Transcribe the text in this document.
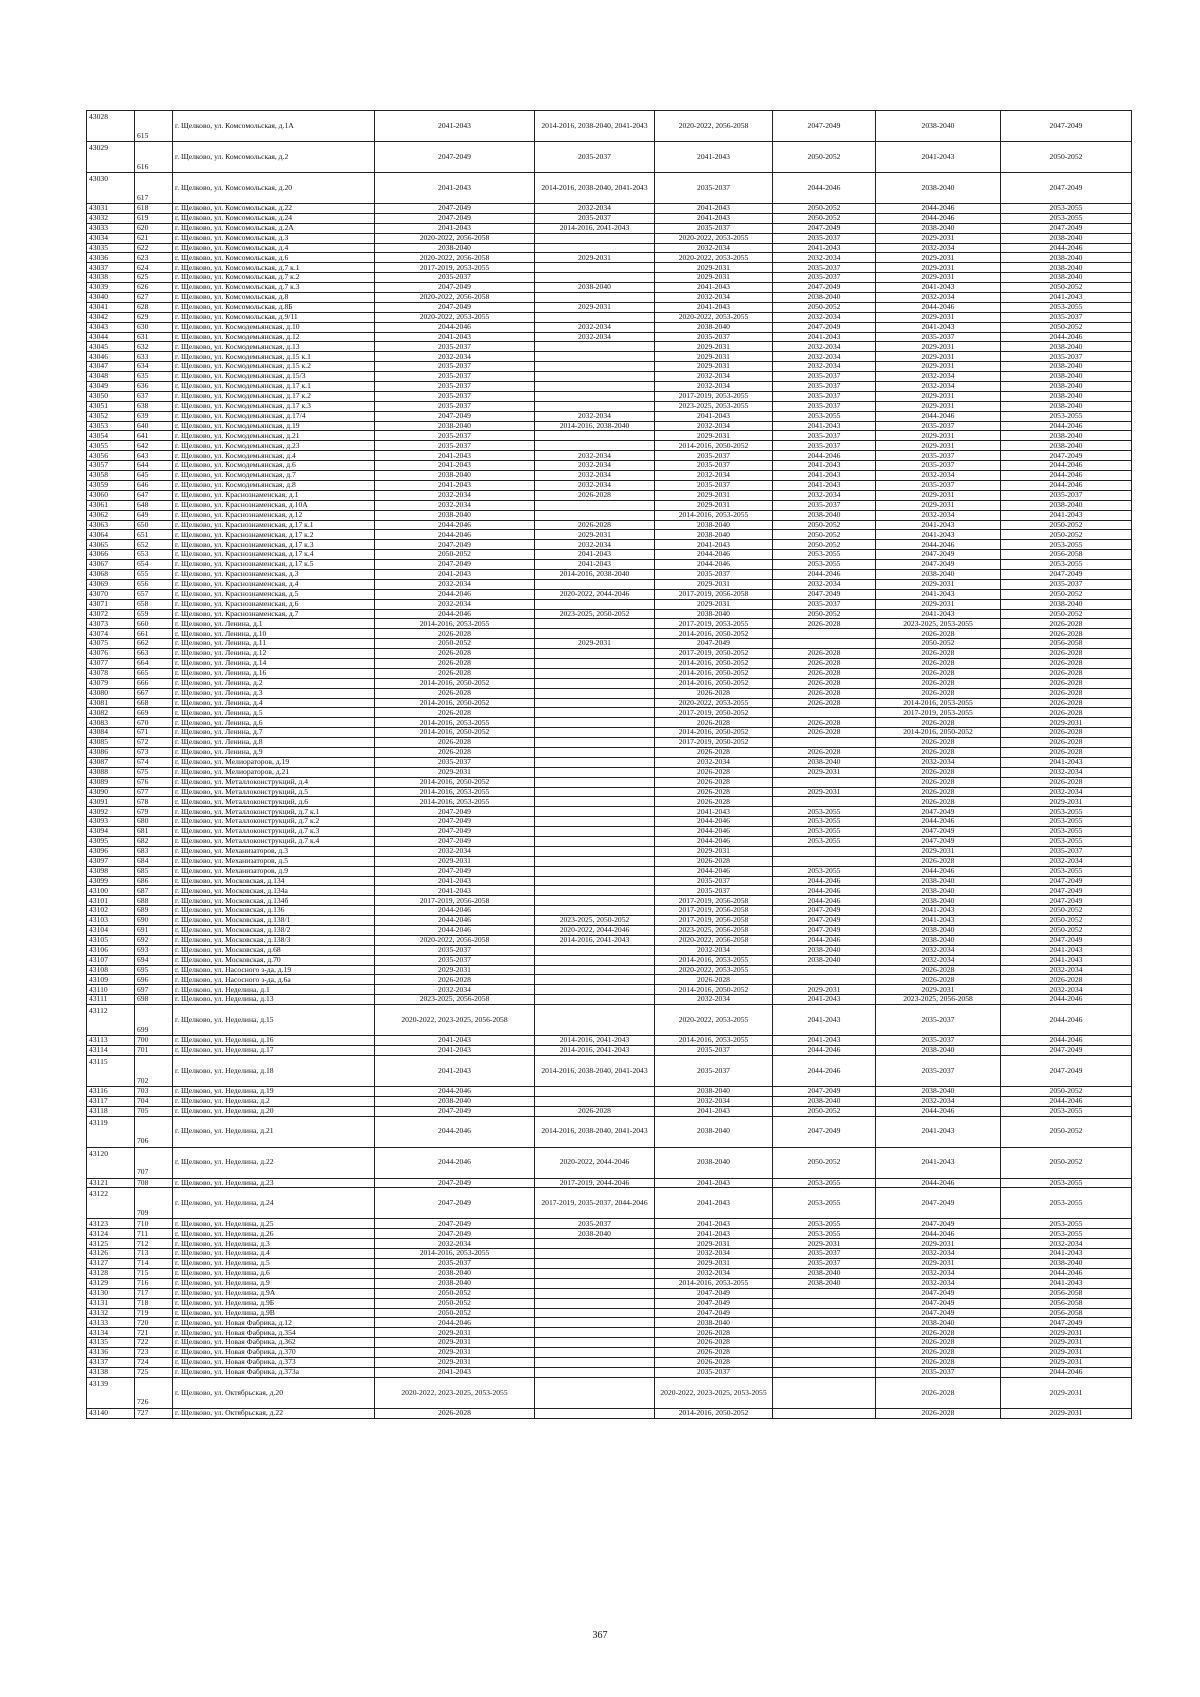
43028	615	г. Щелково, ул. Комсомольская, д.1А	2041-2043	2014-2016, 2038-2040, 2041-2043	2020-2022, 2056-2058	2047-2049	2038-2040	2047-2049
43029	616	г. Щелково, ул. Комсомольская, д.2	2047-2049	2035-2037	2041-2043	2050-2052	2041-2043	2050-2052
43030	617	г. Щелково, ул. Комсомольская, д.20	2041-2043	2014-2016, 2038-2040, 2041-2043	2035-2037	2044-2046	2038-2040	2047-2049
43031	618	г. Щелково, ул. Комсомольская, д.22	2047-2049	2032-2034	2041-2043	2050-2052	2044-2046	2053-2055
43032	619	г. Щелково, ул. Комсомольская, д.24	2047-2049	2035-2037	2041-2043	2050-2052	2044-2046	2053-2055
43033	620	г. Щелково, ул. Комсомольская, д.2А	2041-2043	2014-2016, 2041-2043	2035-2037	2047-2049	2038-2040	2047-2049
43034	621	г. Щелково, ул. Комсомольская, д.3	2020-2022, 2056-2058		2020-2022, 2053-2055	2035-2037	2029-2031	2038-2040
43035	622	г. Щелково, ул. Комсомольская, д.4	2038-2040		2032-2034	2041-2043	2032-2034	2044-2046
43036	623	г. Щелково, ул. Комсомольская, д.6	2020-2022, 2056-2058	2029-2031	2020-2022, 2053-2055	2032-2034	2029-2031	2038-2040
43037	624	г. Щелково, ул. Комсомольская, д.7 к.1	2017-2019, 2053-2055		2029-2031	2035-2037	2029-2031	2038-2040
43038	625	г. Щелково, ул. Комсомольская, д.7 к.2	2035-2037		2029-2031	2035-2037	2029-2031	2038-2040
43039	626	г. Щелково, ул. Комсомольская, д.7 к.3	2047-2049	2038-2040	2041-2043	2047-2049	2041-2043	2050-2052
43040	627	г. Щелково, ул. Комсомольская, д.8	2020-2022, 2056-2058		2032-2034	2038-2040	2032-2034	2041-2043
43041	628	г. Щелково, ул. Комсомольская, д.8Б	2047-2049	2029-2031	2041-2043	2050-2052	2044-2046	2053-2055
43042	629	г. Щелково, ул. Комсомольская, д.9/11	2020-2022, 2053-2055		2020-2022, 2053-2055	2032-2034	2029-2031	2035-2037
43043	630	г. Щелково, ул. Космодемьянская, д.10	2044-2046	2032-2034	2038-2040	2047-2049	2041-2043	2050-2052
43044	631	г. Щелково, ул. Космодемьянская, д.12	2041-2043	2032-2034	2035-2037	2041-2043	2035-2037	2044-2046
43045	632	г. Щелково, ул. Космодемьянская, д.13	2035-2037		2029-2031	2032-2034	2029-2031	2038-2040
43046	633	г. Щелково, ул. Космодемьянская, д.15 к.1	2032-2034		2029-2031	2032-2034	2029-2031	2035-2037
43047	634	г. Щелково, ул. Космодемьянская, д.15 к.2	2035-2037		2029-2031	2032-2034	2029-2031	2038-2040
43048	635	г. Щелково, ул. Космодемьянская, д.15/3	2035-2037		2032-2034	2035-2037	2032-2034	2038-2040
43049	636	г. Щелково, ул. Космодемьянская, д.17 к.1	2035-2037		2032-2034	2035-2037	2032-2034	2038-2040
43050	637	г. Щелково, ул. Космодемьянская, д.17 к.2	2035-2037		2017-2019, 2053-2055	2035-2037	2029-2031	2038-2040
43051	638	г. Щелково, ул. Космодемьянская, д.17 к.3	2035-2037		2023-2025, 2053-2055	2035-2037	2029-2031	2038-2040
43052	639	г. Щелково, ул. Космодемьянская, д.17/4	2047-2049	2032-2034	2041-2043	2053-2055	2044-2046	2053-2055
43053	640	г. Щелково, ул. Космодемьянская, д.19	2038-2040	2014-2016, 2038-2040	2032-2034	2041-2043	2035-2037	2044-2046
43054	641	г. Щелково, ул. Космодемьянская, д.21	2035-2037		2029-2031	2035-2037	2029-2031	2038-2040
43055	642	г. Щелково, ул. Космодемьянская, д.23	2035-2037		2014-2016, 2050-2052	2035-2037	2029-2031	2038-2040
43056	643	г. Щелково, ул. Космодемьянская, д.4	2041-2043	2032-2034	2035-2037	2044-2046	2035-2037	2047-2049
43057	644	г. Щелково, ул. Космодемьянская, д.6	2041-2043	2032-2034	2035-2037	2041-2043	2035-2037	2044-2046
43058	645	г. Щелково, ул. Космодемьянская, д.7	2038-2040	2032-2034	2032-2034	2041-2043	2032-2034	2044-2046
43059	646	г. Щелково, ул. Космодемьянская, д.8	2041-2043	2032-2034	2035-2037	2041-2043	2035-2037	2044-2046
43060	647	г. Щелково, ул. Краснознаменская, д.1	2032-2034	2026-2028	2029-2031	2032-2034	2029-2031	2035-2037
43061	648	г. Щелково, ул. Краснознаменская, д.10А	2032-2034		2029-2031	2035-2037	2029-2031	2038-2040
43062	649	г. Щелково, ул. Краснознаменская, д.12	2038-2040		2014-2016, 2053-2055	2038-2040	2032-2034	2041-2043
43063	650	г. Щелково, ул. Краснознаменская, д.17 к.1	2044-2046	2026-2028	2038-2040	2050-2052	2041-2043	2050-2052
43064	651	г. Щелково, ул. Краснознаменская, д.17 к.2	2044-2046	2029-2031	2038-2040	2050-2052	2041-2043	2050-2052
43065	652	г. Щелково, ул. Краснознаменская, д.17 к.3	2047-2049	2032-2034	2041-2043	2050-2052	2044-2046	2053-2055
43066	653	г. Щелково, ул. Краснознаменская, д.17 к.4	2050-2052	2041-2043	2044-2046	2053-2055	2047-2049	2056-2058
43067	654	г. Щелково, ул. Краснознаменская, д.17 к.5	2047-2049	2041-2043	2044-2046	2053-2055	2047-2049	2053-2055
43068	655	г. Щелково, ул. Краснознаменская, д.3	2041-2043	2014-2016, 2038-2040	2035-2037	2044-2046	2038-2040	2047-2049
43069	656	г. Щелково, ул. Краснознаменская, д.4	2032-2034		2029-2031	2032-2034	2029-2031	2035-2037
43070	657	г. Щелково, ул. Краснознаменская, д.5	2044-2046	2020-2022, 2044-2046	2017-2019, 2056-2058	2047-2049	2041-2043	2050-2052
43071	658	г. Щелково, ул. Краснознаменская, д.6	2032-2034		2029-2031	2035-2037	2029-2031	2038-2040
43072	659	г. Щелково, ул. Краснознаменская, д.7	2044-2046	2023-2025, 2050-2052	2038-2040	2050-2052	2041-2043	2050-2052
43073	660	г. Щелково, ул. Ленина, д.1	2014-2016, 2053-2055		2017-2019, 2053-2055	2026-2028	2023-2025, 2053-2055	2026-2028
43074	661	г. Щелково, ул. Ленина, д.10	2026-2028		2014-2016, 2050-2052		2026-2028	2026-2028
43075	662	г. Щелково, ул. Ленина, д.11	2050-2052	2029-2031	2047-2049		2050-2052	2056-2058
43076	663	г. Щелково, ул. Ленина, д.12	2026-2028		2017-2019, 2050-2052	2026-2028	2026-2028	2026-2028
43077	664	г. Щелково, ул. Ленина, д.14	2026-2028		2014-2016, 2050-2052	2026-2028	2026-2028	2026-2028
43078	665	г. Щелково, ул. Ленина, д.16	2026-2028		2014-2016, 2050-2052	2026-2028	2026-2028	2026-2028
43079	666	г. Щелково, ул. Ленина, д.2	2014-2016, 2050-2052		2014-2016, 2050-2052	2026-2028	2026-2028	2026-2028
43080	667	г. Щелково, ул. Ленина, д.3	2026-2028		2026-2028	2026-2028	2026-2028	2026-2028
43081	668	г. Щелково, ул. Ленина, д.4	2014-2016, 2050-2052		2020-2022, 2053-2055	2026-2028	2014-2016, 2053-2055	2026-2028
43082	669	г. Щелково, ул. Ленина, д.5	2026-2028		2017-2019, 2050-2052		2017-2019, 2053-2055	2026-2028
43083	670	г. Щелково, ул. Ленина, д.6	2014-2016, 2053-2055		2026-2028	2026-2028	2026-2028	2029-2031
43084	671	г. Щелково, ул. Ленина, д.7	2014-2016, 2050-2052		2014-2016, 2050-2052	2026-2028	2014-2016, 2050-2052	2026-2028
43085	672	г. Щелково, ул. Ленина, д.8	2026-2028		2017-2019, 2050-2052		2026-2028	2026-2028
43086	673	г. Щелково, ул. Ленина, д.9	2026-2028		2026-2028	2026-2028	2026-2028	2026-2028
43087	674	г. Щелково, ул. Мелиораторов, д.19	2035-2037		2032-2034	2038-2040	2032-2034	2041-2043
43088	675	г. Щелково, ул. Мелиораторов, д.21	2029-2031		2026-2028	2029-2031	2026-2028	2032-2034
43089	676	г. Щелково, ул. Металлоконструкций, д.4	2014-2016, 2050-2052		2026-2028		2026-2028	2026-2028
43090	677	г. Щелково, ул. Металлоконструкций, д.5	2014-2016, 2053-2055		2026-2028	2029-2031	2026-2028	2032-2034
43091	678	г. Щелково, ул. Металлоконструкций, д.6	2014-2016, 2053-2055		2026-2028		2026-2028	2029-2031
43092	679	г. Щелково, ул. Металлоконструкций, д.7 к.1	2047-2049		2041-2043	2053-2055	2047-2049	2053-2055
43093	680	г. Щелково, ул. Металлоконструкций, д.7 к.2	2047-2049		2044-2046	2053-2055	2044-2046	2053-2055
43094	681	г. Щелково, ул. Металлоконструкций, д.7 к.3	2047-2049		2044-2046	2053-2055	2047-2049	2053-2055
43095	682	г. Щелково, ул. Металлоконструкций, д.7 к.4	2047-2049		2044-2046	2053-2055	2047-2049	2053-2055
43096	683	г. Щелково, ул. Механизаторов, д.3	2032-2034		2029-2031		2029-2031	2035-2037
43097	684	г. Щелково, ул. Механизаторов, д.5	2029-2031		2026-2028		2026-2028	2032-2034
43098	685	г. Щелково, ул. Механизаторов, д.9	2047-2049		2044-2046	2053-2055	2044-2046	2053-2055
43099	686	г. Щелково, ул. Московская, д.134	2041-2043		2035-2037	2044-2046	2038-2040	2047-2049
43100	687	г. Щелково, ул. Московская, д.134а	2041-2043		2035-2037	2044-2046	2038-2040	2047-2049
43101	688	г. Щелково, ул. Московская, д.134б	2017-2019, 2056-2058		2017-2019, 2056-2058	2044-2046	2038-2040	2047-2049
43102	689	г. Щелково, ул. Московская, д.136	2044-2046		2017-2019, 2056-2058	2047-2049	2041-2043	2050-2052
43103	690	г. Щелково, ул. Московская, д.138/1	2044-2046	2023-2025, 2050-2052	2017-2019, 2056-2058	2047-2049	2041-2043	2050-2052
43104	691	г. Щелково, ул. Московская, д.138/2	2044-2046	2020-2022, 2044-2046	2023-2025, 2056-2058	2047-2049	2038-2040	2050-2052
43105	692	г. Щелково, ул. Московская, д.138/3	2020-2022, 2056-2058	2014-2016, 2041-2043	2020-2022, 2056-2058	2044-2046	2038-2040	2047-2049
43106	693	г. Щелково, ул. Московская, д.68	2035-2037		2032-2034	2038-2040	2032-2034	2041-2043
43107	694	г. Щелково, ул. Московская, д.70	2035-2037		2014-2016, 2053-2055	2038-2040	2032-2034	2041-2043
43108	695	г. Щелково, ул. Насосного з-да, д.19	2029-2031		2020-2022, 2053-2055		2026-2028	2032-2034
43109	696	г. Щелково, ул. Насосного з-да, д.6а	2026-2028		2026-2028		2026-2028	2026-2028
43110	697	г. Щелково, ул. Неделина, д.1	2032-2034		2014-2016, 2050-2052	2029-2031	2029-2031	2032-2034
43111	698	г. Щелково, ул. Неделина, д.13	2023-2025, 2056-2058		2032-2034	2041-2043	2023-2025, 2056-2058	2044-2046
43112	699	г. Щелково, ул. Неделина, д.15	2020-2022, 2023-2025, 2056-2058		2020-2022, 2053-2055	2041-2043	2035-2037	2044-2046
43113	700	г. Щелково, ул. Неделина, д.16	2041-2043	2014-2016, 2041-2043	2014-2016, 2053-2055	2041-2043	2035-2037	2044-2046
43114	701	г. Щелково, ул. Неделина, д.17	2041-2043	2014-2016, 2041-2043	2035-2037	2044-2046	2038-2040	2047-2049
43115	702	г. Щелково, ул. Неделина, д.18	2041-2043	2014-2016, 2038-2040, 2041-2043	2035-2037	2044-2046	2035-2037	2047-2049
43116	703	г. Щелково, ул. Неделина, д.19	2044-2046		2038-2040	2047-2049	2038-2040	2050-2052
43117	704	г. Щелково, ул. Неделина, д.2	2038-2040		2032-2034	2038-2040	2032-2034	2044-2046
43118	705	г. Щелково, ул. Неделина, д.20	2047-2049	2026-2028	2041-2043	2050-2052	2044-2046	2053-2055
43119	706	г. Щелково, ул. Неделина, д.21	2044-2046	2014-2016, 2038-2040, 2041-2043	2038-2040	2047-2049	2041-2043	2050-2052
43120	707	г. Щелково, ул. Неделина, д.22	2044-2046	2020-2022, 2044-2046	2038-2040	2050-2052	2041-2043	2050-2052
43121	708	г. Щелково, ул. Неделина, д.23	2047-2049	2017-2019, 2044-2046	2041-2043	2053-2055	2044-2046	2053-2055
43122	709	г. Щелково, ул. Неделина, д.24	2047-2049	2017-2019, 2035-2037, 2044-2046	2041-2043	2053-2055	2047-2049	2053-2055
43123	710	г. Щелково, ул. Неделина, д.25	2047-2049	2035-2037	2041-2043	2053-2055	2047-2049	2053-2055
43124	711	г. Щелково, ул. Неделина, д.26	2047-2049	2038-2040	2041-2043	2053-2055	2044-2046	2053-2055
43125	712	г. Щелково, ул. Неделина, д.3	2032-2034		2029-2031	2029-2031	2029-2031	2032-2034
43126	713	г. Щелково, ул. Неделина, д.4	2014-2016, 2053-2055		2032-2034	2035-2037	2032-2034	2041-2043
43127	714	г. Щелково, ул. Неделина, д.5	2035-2037		2029-2031	2035-2037	2029-2031	2038-2040
43128	715	г. Щелково, ул. Неделина, д.6	2038-2040		2032-2034	2038-2040	2032-2034	2044-2046
43129	716	г. Щелково, ул. Неделина, д.9	2038-2040		2014-2016, 2053-2055	2038-2040	2032-2034	2041-2043
43130	717	г. Щелково, ул. Неделина, д.9А	2050-2052		2047-2049		2047-2049	2056-2058
43131	718	г. Щелково, ул. Неделина, д.9Б	2050-2052		2047-2049		2047-2049	2056-2058
43132	719	г. Щелково, ул. Неделина, д.9В	2050-2052		2047-2049		2047-2049	2056-2058
43133	720	г. Щелково, ул. Новая Фабрика, д.12	2044-2046		2038-2040		2038-2040	2047-2049
43134	721	г. Щелково, ул. Новая Фабрика, д.354	2029-2031		2026-2028		2026-2028	2029-2031
43135	722	г. Щелково, ул. Новая Фабрика, д.362	2029-2031		2026-2028		2026-2028	2029-2031
43136	723	г. Щелково, ул. Новая Фабрика, д.370	2029-2031		2026-2028		2026-2028	2029-2031
43137	724	г. Щелково, ул. Новая Фабрика, д.373	2029-2031		2026-2028		2026-2028	2029-2031
43138	725	г. Щелково, ул. Новая Фабрика, д.373а	2041-2043		2035-2037		2035-2037	2044-2046
43139	726	г. Щелково, ул. Октябрьская, д.20	2020-2022, 2023-2025, 2053-2055		2020-2022, 2023-2025, 2053-2055		2026-2028	2029-2031
43140	727	г. Щелково, ул. Октябрьская, д.22	2026-2028		2014-2016, 2050-2052		2026-2028	2029-2031
367
